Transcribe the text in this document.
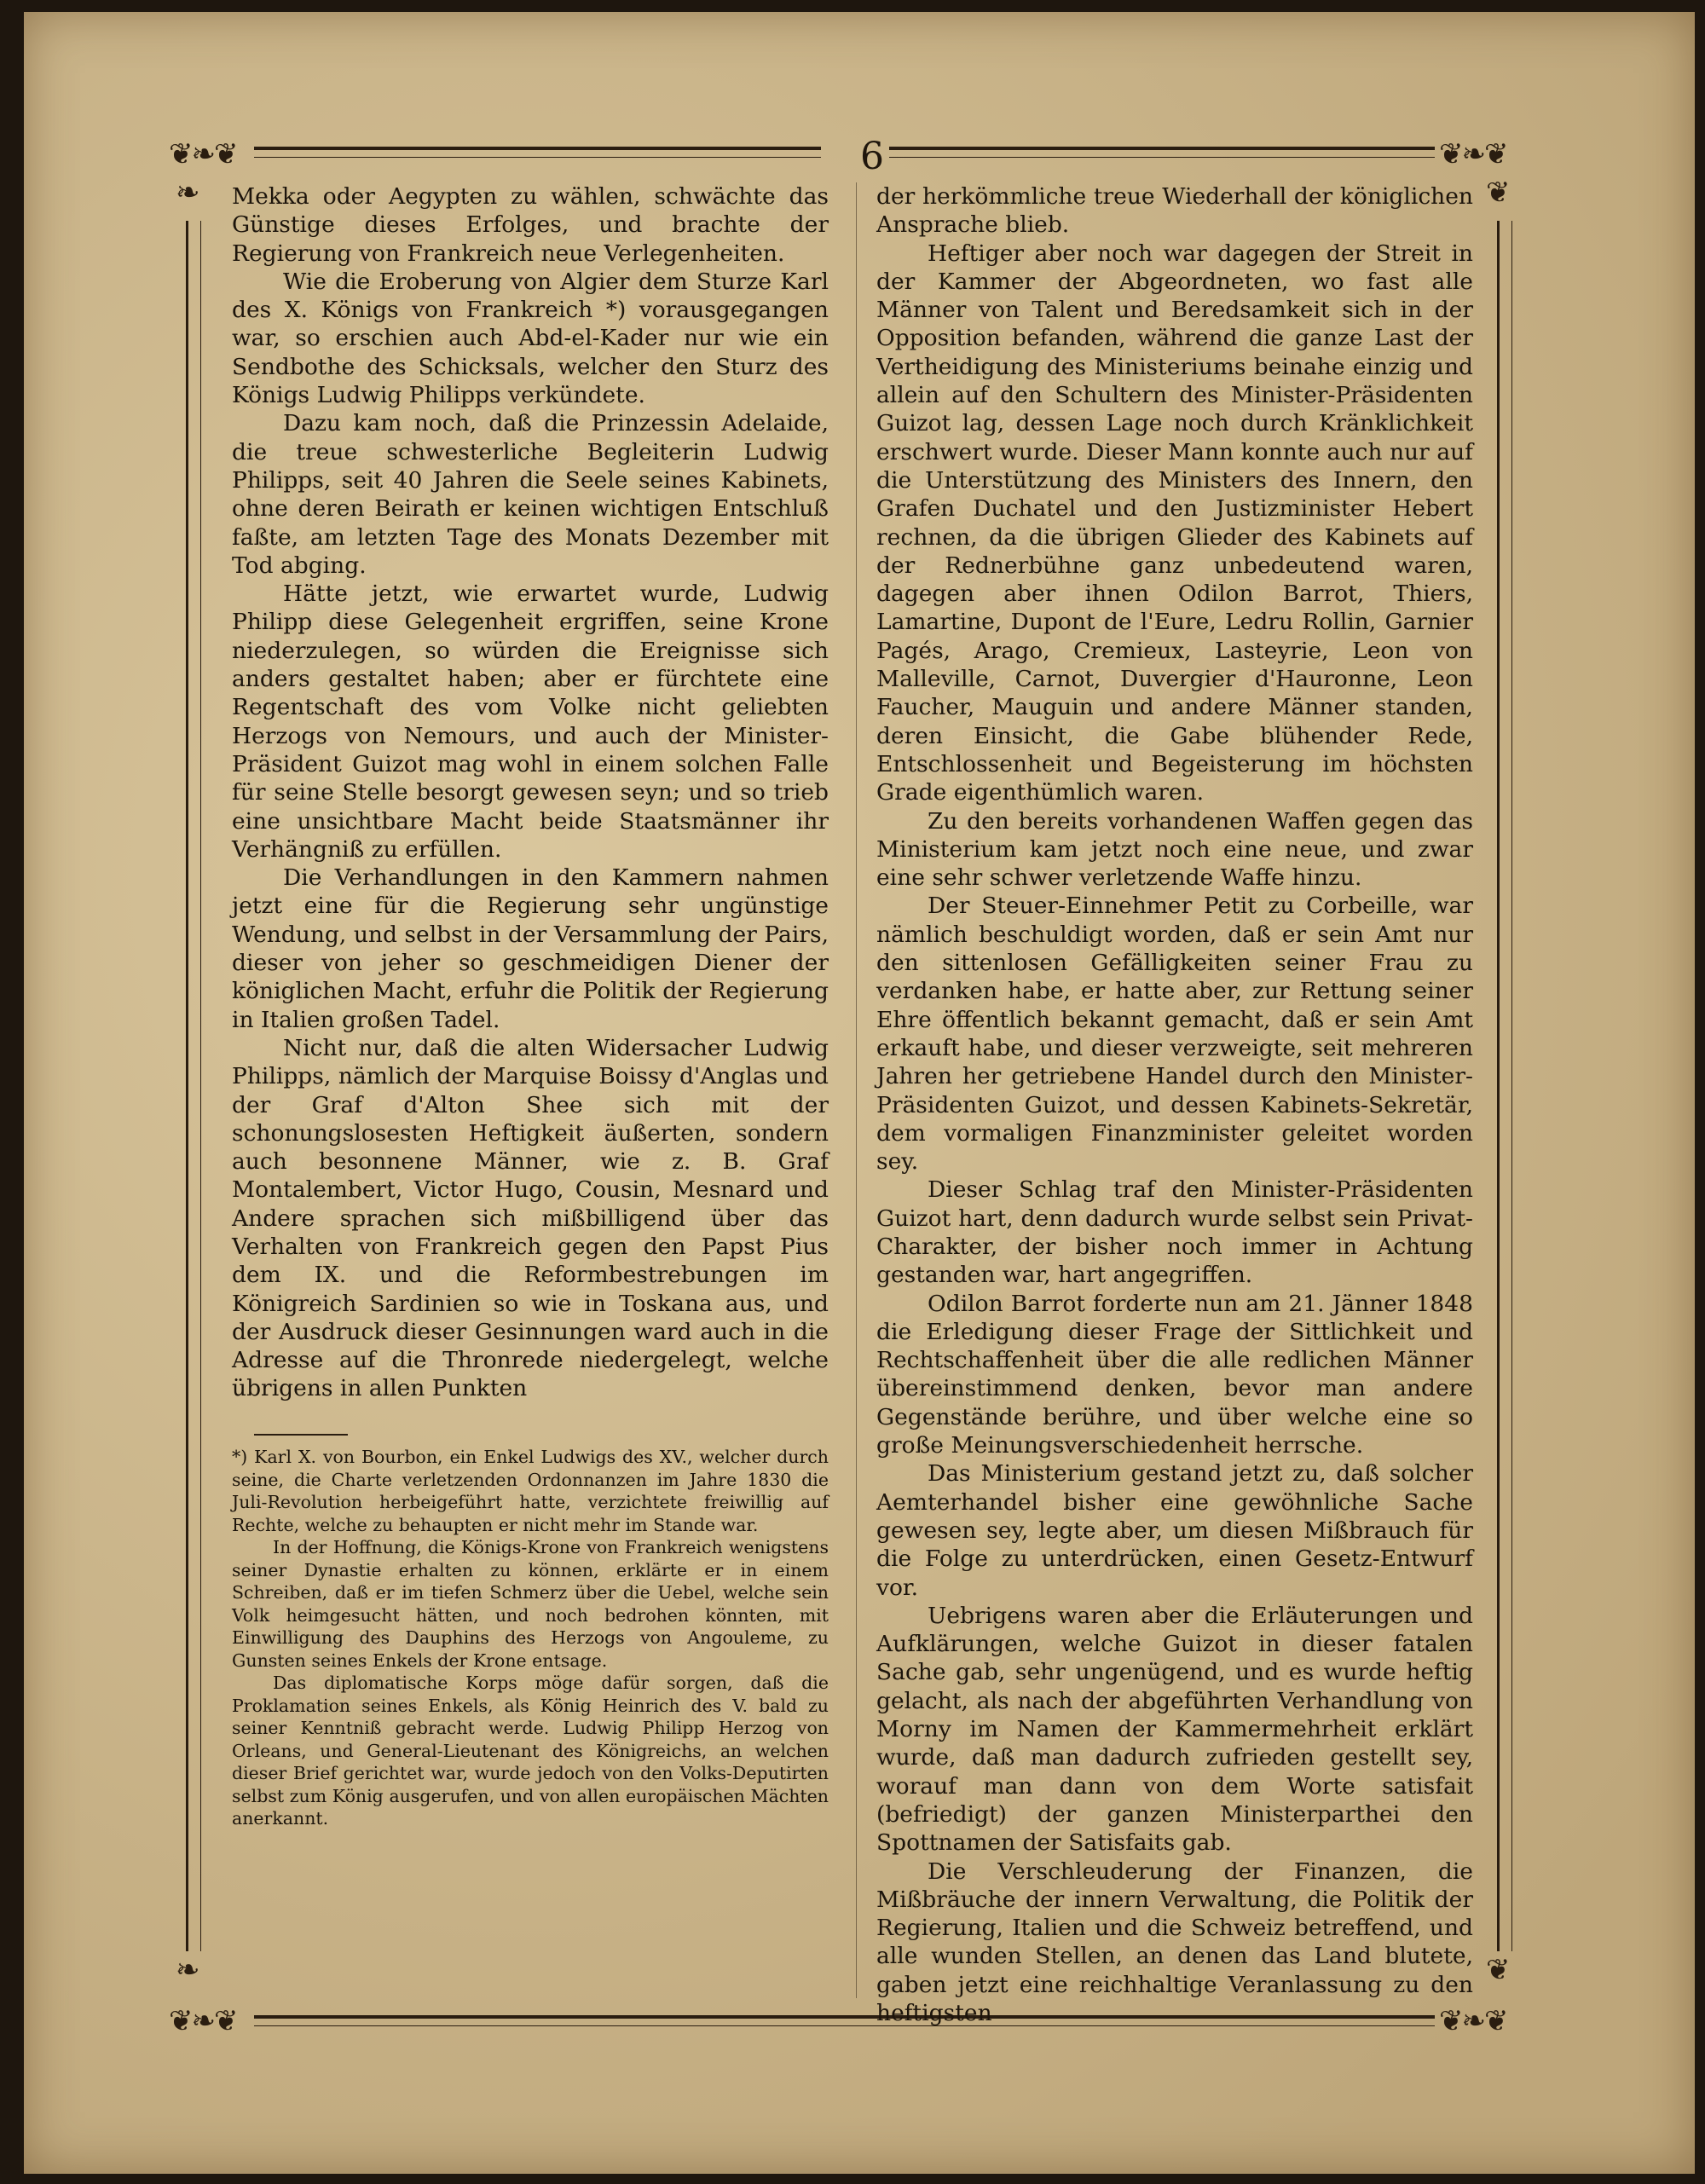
❦❧❦	❦❧❦
6
❧
❧
❦
❦
❦❧❦	❦❧❦

Mekka oder Aegypten zu wählen, schwächte das Günstige dieses Erfolges, und brachte der Regierung von Frankreich neue Verlegenheiten.

Wie die Eroberung von Algier dem Sturze Karl des X. Königs von Frankreich *) vorausgegangen war, so erschien auch Abd-el-Kader nur wie ein Sendbothe des Schicksals, welcher den Sturz des Königs Ludwig Philipps verkündete.

Dazu kam noch, daß die Prinzessin Adelaide, die treue schwesterliche Begleiterin Ludwig Philipps, seit 40 Jahren die Seele seines Kabinets, ohne deren Beirath er keinen wichtigen Entschluß faßte, am letzten Tage des Monats Dezember mit Tod abging.

Hätte jetzt, wie erwartet wurde, Ludwig Philipp diese Gelegenheit ergriffen, seine Krone niederzulegen, so würden die Ereignisse sich anders gestaltet haben; aber er fürchtete eine Regentschaft des vom Volke nicht geliebten Herzogs von Nemours, und auch der Minister-Präsident Guizot mag wohl in einem solchen Falle für seine Stelle besorgt gewesen seyn; und so trieb eine unsichtbare Macht beide Staatsmänner ihr Verhängniß zu erfüllen.

Die Verhandlungen in den Kammern nahmen jetzt eine für die Regierung sehr ungünstige Wendung, und selbst in der Versammlung der Pairs, dieser von jeher so geschmeidigen Diener der königlichen Macht, erfuhr die Politik der Regierung in Italien großen Tadel.

Nicht nur, daß die alten Widersacher Ludwig Philipps, nämlich der Marquise Boissy d'Anglas und der Graf d'Alton Shee sich mit der schonungslosesten Heftigkeit äußerten, sondern auch besonnene Männer, wie z. B. Graf Montalembert, Victor Hugo, Cousin, Mesnard und Andere sprachen sich mißbilligend über das Verhalten von Frankreich gegen den Papst Pius dem IX. und die Reformbestrebungen im Königreich Sardinien so wie in Toskana aus, und der Ausdruck dieser Gesinnungen ward auch in die Adresse auf die Thronrede niedergelegt, welche übrigens in allen Punkten

*) Karl X. von Bourbon, ein Enkel Ludwigs des XV., welcher durch seine, die Charte verletzenden Ordonnanzen im Jahre 1830 die Juli-Revolution herbeigeführt hatte, verzichtete freiwillig auf Rechte, welche zu behaupten er nicht mehr im Stande war.

In der Hoffnung, die Königs-Krone von Frankreich wenigstens seiner Dynastie erhalten zu können, erklärte er in einem Schreiben, daß er im tiefen Schmerz über die Uebel, welche sein Volk heimgesucht hätten, und noch bedrohen könnten, mit Einwilligung des Dauphins des Herzogs von Angouleme, zu Gunsten seines Enkels der Krone entsage.

Das diplomatische Korps möge dafür sorgen, daß die Proklamation seines Enkels, als König Heinrich des V. bald zu seiner Kenntniß gebracht werde. Ludwig Philipp Herzog von Orleans, und General-Lieutenant des Königreichs, an welchen dieser Brief gerichtet war, wurde jedoch von den Volks-Deputirten selbst zum König ausgerufen, und von allen europäischen Mächten anerkannt.

der herkömmliche treue Wiederhall der königlichen Ansprache blieb.

Heftiger aber noch war dagegen der Streit in der Kammer der Abgeordneten, wo fast alle Männer von Talent und Beredsamkeit sich in der Opposition befanden, während die ganze Last der Vertheidigung des Ministeriums beinahe einzig und allein auf den Schultern des Minister-Präsidenten Guizot lag, dessen Lage noch durch Kränklichkeit erschwert wurde. Dieser Mann konnte auch nur auf die Unterstützung des Ministers des Innern, den Grafen Duchatel und den Justizminister Hebert rechnen, da die übrigen Glieder des Kabinets auf der Rednerbühne ganz unbedeutend waren, dagegen aber ihnen Odilon Barrot, Thiers, Lamartine, Dupont de l'Eure, Ledru Rollin, Garnier Pagés, Arago, Cremieux, Lasteyrie, Leon von Malleville, Carnot, Duvergier d'Hauronne, Leon Faucher, Mauguin und andere Männer standen, deren Einsicht, die Gabe blühender Rede, Entschlossenheit und Begeisterung im höchsten Grade eigenthümlich waren.

Zu den bereits vorhandenen Waffen gegen das Ministerium kam jetzt noch eine neue, und zwar eine sehr schwer verletzende Waffe hinzu.

Der Steuer-Einnehmer Petit zu Corbeille, war nämlich beschuldigt worden, daß er sein Amt nur den sittenlosen Gefälligkeiten seiner Frau zu verdanken habe, er hatte aber, zur Rettung seiner Ehre öffentlich bekannt gemacht, daß er sein Amt erkauft habe, und dieser verzweigte, seit mehreren Jahren her getriebene Handel durch den Minister-Präsidenten Guizot, und dessen Kabinets-Sekretär, dem vormaligen Finanzminister geleitet worden sey.

Dieser Schlag traf den Minister-Präsidenten Guizot hart, denn dadurch wurde selbst sein Privat-Charakter, der bisher noch immer in Achtung gestanden war, hart angegriffen.

Odilon Barrot forderte nun am 21. Jänner 1848 die Erledigung dieser Frage der Sittlichkeit und Rechtschaffenheit über die alle redlichen Männer übereinstimmend denken, bevor man andere Gegenstände berühre, und über welche eine so große Meinungsverschiedenheit herrsche.

Das Ministerium gestand jetzt zu, daß solcher Aemterhandel bisher eine gewöhnliche Sache gewesen sey, legte aber, um diesen Mißbrauch für die Folge zu unterdrücken, einen Gesetz-Entwurf vor.

Uebrigens waren aber die Erläuterungen und Aufklärungen, welche Guizot in dieser fatalen Sache gab, sehr ungenügend, und es wurde heftig gelacht, als nach der abgeführten Verhandlung von Morny im Namen der Kammermehrheit erklärt wurde, daß man dadurch zufrieden gestellt sey, worauf man dann von dem Worte satisfait (befriedigt) der ganzen Ministerparthei den Spottnamen der Satisfaits gab.

Die Verschleuderung der Finanzen, die Mißbräuche der innern Verwaltung, die Politik der Regierung, Italien und die Schweiz betreffend, und alle wunden Stellen, an denen das Land blutete, gaben jetzt eine reichhaltige Veranlassung zu den heftigsten
